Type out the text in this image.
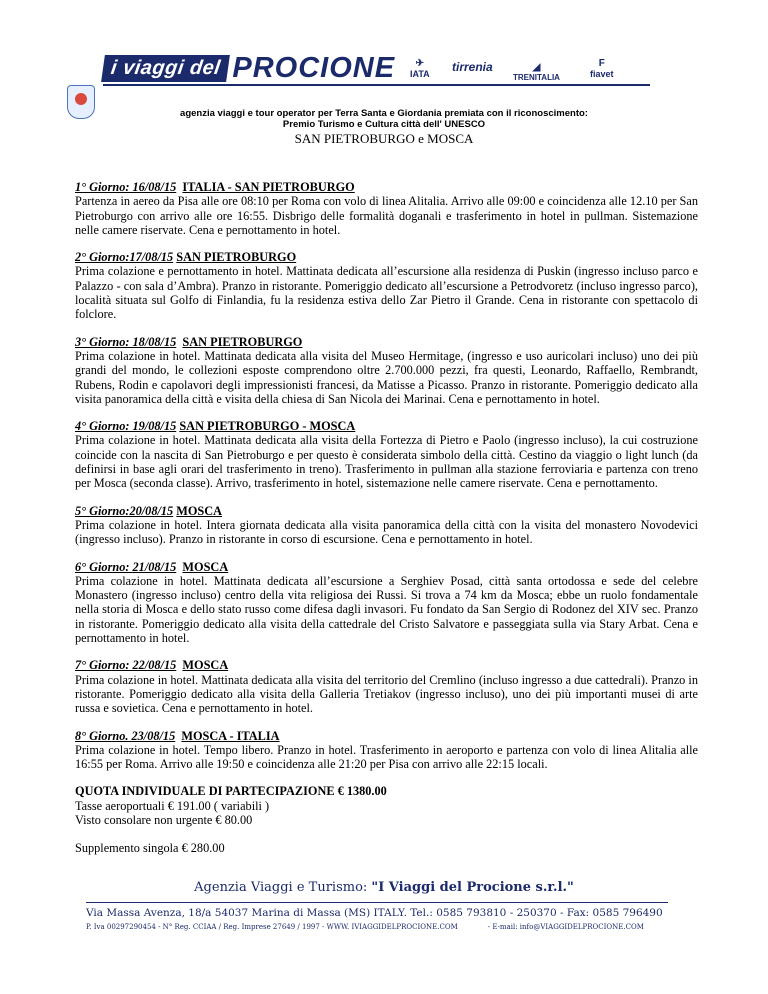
i viaggi del PROCIONE	✈
IATA tirrenia	◢
TRENITALIA
F
fiavet
agenzia viaggi e tour operator per Terra Santa e Giordania premiata con il riconoscimento:
Premio Turismo e Cultura città dell' UNESCO
SAN PIETROBURGO e MOSCA
1° Giorno: 16/08/15 ITALIA - SAN PIETROBURGO
Partenza in aereo da Pisa alle ore 08:10 per Roma con volo di linea Alitalia. Arrivo alle 09:00 e coincidenza alle 12.10 per San Pietroburgo con arrivo alle ore 16:55. Disbrigo delle formalità doganali e trasferimento in hotel in pullman. Sistemazione nelle camere riservate. Cena e pernottamento in hotel.
2° Giorno:17/08/15 SAN PIETROBURGO
Prima colazione e pernottamento in hotel. Mattinata dedicata all’escursione alla residenza di Puskin (ingresso incluso parco e Palazzo - con sala d’Ambra). Pranzo in ristorante. Pomeriggio dedicato all’escursione a Petrodvoretz (incluso ingresso parco), località situata sul Golfo di Finlandia, fu la residenza estiva dello Zar Pietro il Grande. Cena in ristorante con spettacolo di folclore.
3° Giorno: 18/08/15 SAN PIETROBURGO
Prima colazione in hotel. Mattinata dedicata alla visita del Museo Hermitage, (ingresso e uso auricolari incluso) uno dei più grandi del mondo, le collezioni esposte comprendono oltre 2.700.000 pezzi, fra questi, Leonardo, Raffaello, Rembrandt, Rubens, Rodin e capolavori degli impressionisti francesi, da Matisse a Picasso. Pranzo in ristorante. Pomeriggio dedicato alla visita panoramica della città e visita della chiesa di San Nicola dei Marinai. Cena e pernottamento in hotel.
4° Giorno: 19/08/15 SAN PIETROBURGO - MOSCA
Prima colazione in hotel. Mattinata dedicata alla visita della Fortezza di Pietro e Paolo (ingresso incluso), la cui costruzione coincide con la nascita di San Pietroburgo e per questo è considerata simbolo della città. Cestino da viaggio o light lunch (da definirsi in base agli orari del trasferimento in treno). Trasferimento in pullman alla stazione ferroviaria e partenza con treno per Mosca (seconda classe). Arrivo, trasferimento in hotel, sistemazione nelle camere riservate. Cena e pernottamento.
5° Giorno:20/08/15 MOSCA
Prima colazione in hotel. Intera giornata dedicata alla visita panoramica della città con la visita del monastero Novodevici (ingresso incluso). Pranzo in ristorante in corso di escursione. Cena e pernottamento in hotel.
6° Giorno: 21/08/15 MOSCA
Prima colazione in hotel. Mattinata dedicata all’escursione a Serghiev Posad, città santa ortodossa e sede del celebre Monastero (ingresso incluso) centro della vita religiosa dei Russi. Si trova a 74 km da Mosca; ebbe un ruolo fondamentale nella storia di Mosca e dello stato russo come difesa dagli invasori. Fu fondato da San Sergio di Rodonez del XIV sec. Pranzo in ristorante. Pomeriggio dedicato alla visita della cattedrale del Cristo Salvatore e passeggiata sulla via Stary Arbat. Cena e pernottamento in hotel.
7° Giorno: 22/08/15 MOSCA
Prima colazione in hotel. Mattinata dedicata alla visita del territorio del Cremlino (incluso ingresso a due cattedrali). Pranzo in ristorante. Pomeriggio dedicato alla visita della Galleria Tretiakov (ingresso incluso), uno dei più importanti musei di arte russa e sovietica. Cena e pernottamento in hotel.
8° Giorno. 23/08/15 MOSCA - ITALIA
Prima colazione in hotel. Tempo libero. Pranzo in hotel. Trasferimento in aeroporto e partenza con volo di linea Alitalia alle 16:55 per Roma. Arrivo alle 19:50 e coincidenza alle 21:20 per Pisa con arrivo alle 22:15 locali.
QUOTA INDIVIDUALE DI PARTECIPAZIONE € 1380.00
Tasse aeroportuali € 191.00 ( variabili )
Visto consolare non urgente € 80.00
Supplemento singola € 280.00
Agenzia Viaggi e Turismo: "I Viaggi del Procione s.r.l."
Via Massa Avenza, 18/a 54037 Marina di Massa (MS) ITALY. Tel.: 0585 793810 - 250370 - Fax: 0585 796490
P. Iva 00297290454 - N° Reg. CCIAA / Reg. Imprese 27649 / 1997 - WWW. IVIAGGIDELPROCIONE.COM	- E-mail: info@VIAGGIDELPROCIONE.COM
